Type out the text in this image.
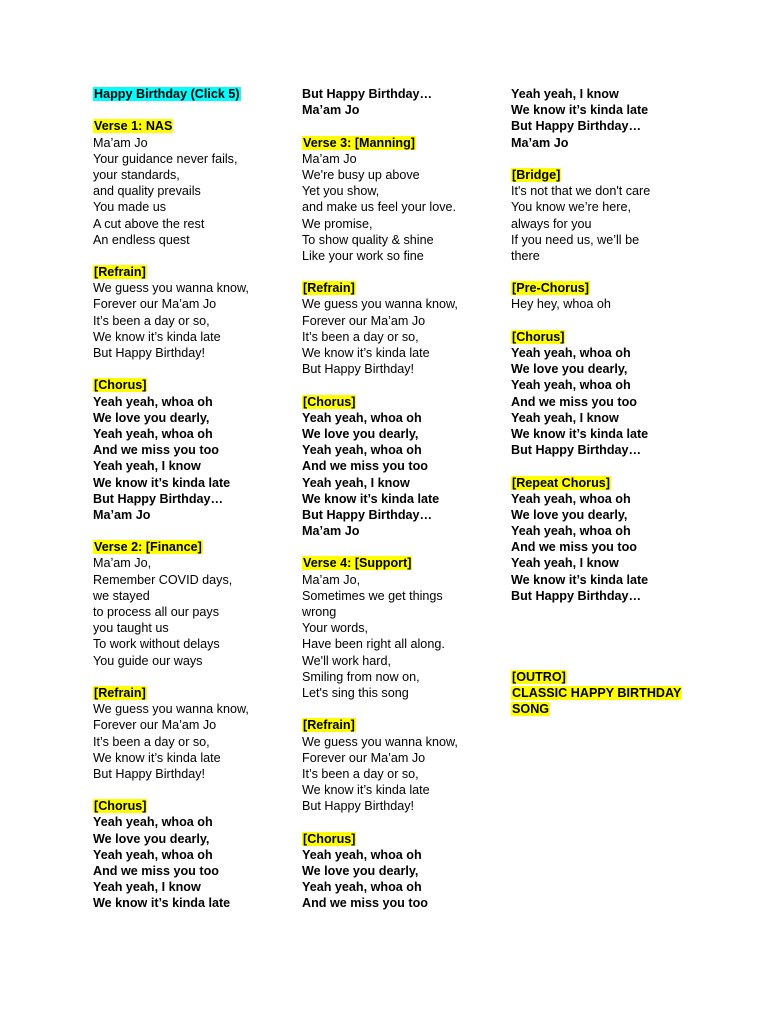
Happy Birthday (Click 5)
Verse 1: NAS
Ma’am Jo
Your guidance never fails,
your standards,
and quality prevails
You made us
A cut above the rest
An endless quest
[Refrain]
We guess you wanna know,
Forever our Ma’am Jo
It’s been a day or so,
We know it’s kinda late
But Happy Birthday!
[Chorus]
Yeah yeah, whoa oh
We love you dearly,
Yeah yeah, whoa oh
And we miss you too
Yeah yeah, I know
We know it’s kinda late
But Happy Birthday…
Ma’am Jo
Verse 2: [Finance]
Ma’am Jo,
Remember COVID days,
we stayed
to process all our pays
you taught us
To work without delays
You guide our ways
[Refrain]
We guess you wanna know,
Forever our Ma’am Jo
It’s been a day or so,
We know it’s kinda late
But Happy Birthday!
[Chorus]
Yeah yeah, whoa oh
We love you dearly,
Yeah yeah, whoa oh
And we miss you too
Yeah yeah, I know
We know it’s kinda late
But Happy Birthday…
Ma’am Jo
Verse 3: [Manning]
Ma’am Jo
We're busy up above
Yet you show,
and make us feel your love.
We promise,
To show quality & shine
Like your work so fine
[Refrain]
We guess you wanna know,
Forever our Ma’am Jo
It’s been a day or so,
We know it’s kinda late
But Happy Birthday!
[Chorus]
Yeah yeah, whoa oh
We love you dearly,
Yeah yeah, whoa oh
And we miss you too
Yeah yeah, I know
We know it’s kinda late
But Happy Birthday…
Ma’am Jo
Verse 4: [Support]
Ma’am Jo,
Sometimes we get things
wrong
Your words,
Have been right all along.
We'll work hard,
Smiling from now on,
Let's sing this song
[Refrain]
We guess you wanna know,
Forever our Ma’am Jo
It’s been a day or so,
We know it’s kinda late
But Happy Birthday!
[Chorus]
Yeah yeah, whoa oh
We love you dearly,
Yeah yeah, whoa oh
And we miss you too
Yeah yeah, I know
We know it’s kinda late
But Happy Birthday…
Ma’am Jo
[Bridge]
It's not that we don't care
You know we’re here,
always for you
If you need us, we’ll be
there
[Pre-Chorus]
Hey hey, whoa oh
[Chorus]
Yeah yeah, whoa oh
We love you dearly,
Yeah yeah, whoa oh
And we miss you too
Yeah yeah, I know
We know it’s kinda late
But Happy Birthday…
[Repeat Chorus]
Yeah yeah, whoa oh
We love you dearly,
Yeah yeah, whoa oh
And we miss you too
Yeah yeah, I know
We know it’s kinda late
But Happy Birthday…
[OUTRO]
CLASSIC HAPPY BIRTHDAY
SONG
